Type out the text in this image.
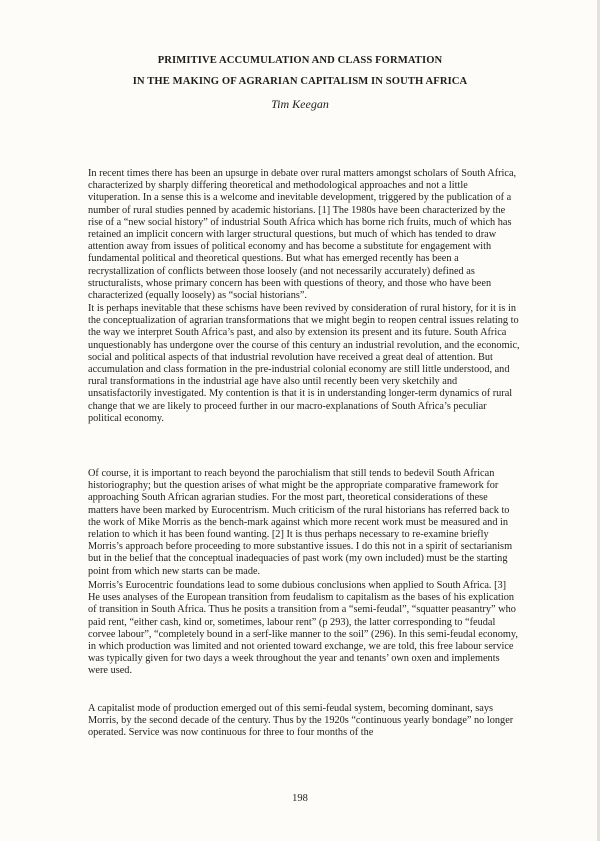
PRIMITIVE ACCUMULATION AND CLASS FORMATION
IN THE MAKING OF AGRARIAN CAPITALISM IN SOUTH AFRICA
Tim Keegan

In recent times there has been an upsurge in debate over rural matters amongst scholars of South Africa, characterized by sharply differing theoretical and methodological approaches and not a little vituperation. In a sense this is a welcome and inevitable development, triggered by the publication of a number of rural studies penned by academic historians. [1] The 1980s have been characterized by the rise of a “new social history” of industrial South Africa which has borne rich fruits, much of which has retained an implicit concern with larger structural questions, but much of which has tended to draw attention away from issues of political economy and has become a substitute for engagement with fundamental political and theoretical questions. But what has emerged recently has been a recrystallization of conflicts between those loosely (and not necessarily accurately) defined as structuralists, whose primary concern has been with questions of theory, and those who have been characterized (equally loosely) as “social historians”.

It is perhaps inevitable that these schisms have been revived by consideration of rural history, for it is in the conceptualization of agrarian transformations that we might begin to reopen central issues relating to the way we interpret South Africa’s past, and also by extension its present and its future. South Africa unquestionably has undergone over the course of this century an industrial revolution, and the economic, social and political aspects of that industrial revolution have received a great deal of attention. But accumulation and class formation in the pre-industrial colonial economy are still little understood, and rural transformations in the industrial age have also until recently been very sketchily and unsatisfactorily investigated. My contention is that it is in understanding longer-term dynamics of rural change that we are likely to proceed further in our macro-explanations of South Africa’s peculiar political economy.

Of course, it is important to reach beyond the parochialism that still tends to bedevil South African historiography; but the question arises of what might be the appropriate comparative framework for approaching South African agrarian studies. For the most part, theoretical considerations of these matters have been marked by Eurocentrism. Much criticism of the rural historians has referred back to the work of Mike Morris as the bench-mark against which more recent work must be measured and in relation to which it has been found wanting. [2] It is thus perhaps necessary to re-examine briefly Morris’s approach before proceeding to more substantive issues. I do this not in a spirit of sectarianism but in the belief that the conceptual inadequacies of past work (my own included) must be the starting point from which new starts can be made.

Morris’s Eurocentric foundations lead to some dubious conclusions when applied to South Africa. [3] He uses analyses of the European transition from feudalism to capitalism as the bases of his explication of transition in South Africa. Thus he posits a transition from a “semi-feudal”, “squatter peasantry” who paid rent, “either cash, kind or, sometimes, labour rent” (p 293), the latter corresponding to “feudal corvee labour”, “completely bound in a serf-like manner to the soil” (296). In this semi-feudal economy, in which production was limited and not oriented toward exchange, we are told, this free labour service was typically given for two days a week throughout the year and tenants’ own oxen and implements were used.

A capitalist mode of production emerged out of this semi-feudal system, becoming dominant, says Morris, by the second decade of the century. Thus by the 1920s “continuous yearly bondage” no longer operated. Service was now continuous for three to four months of the

198
